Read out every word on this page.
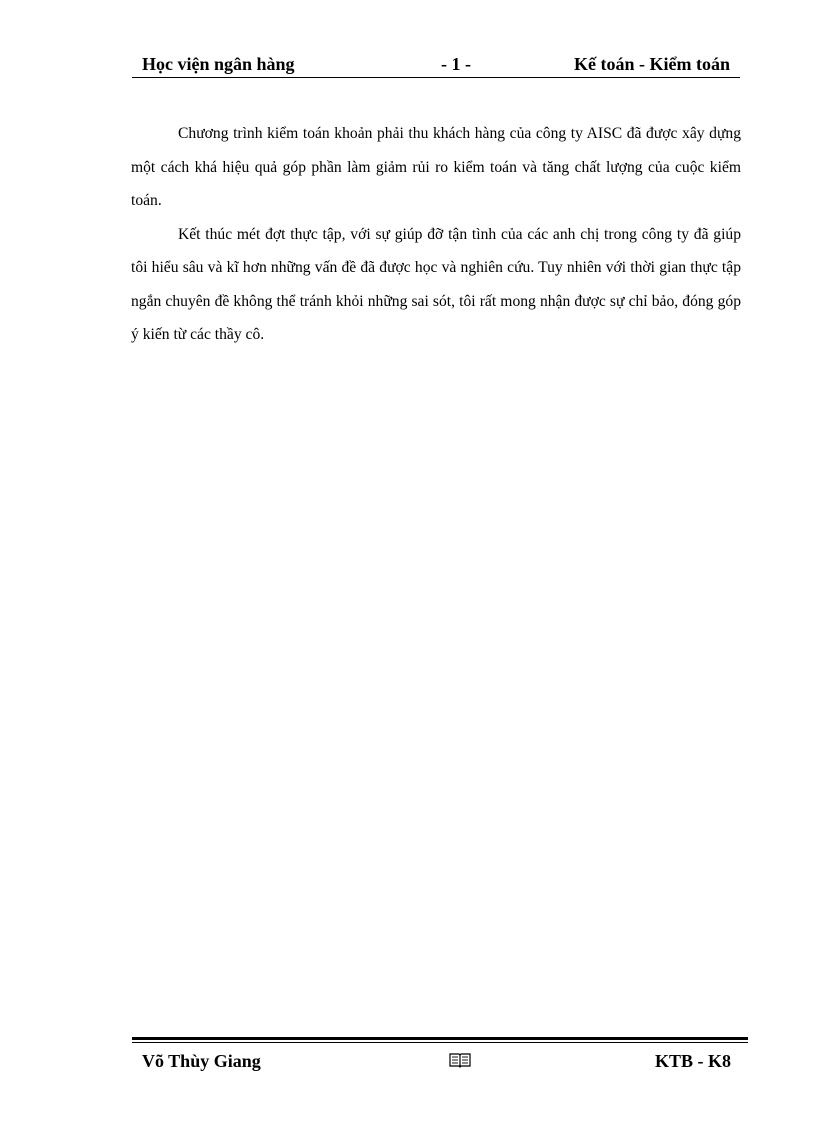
Học viện ngân hàng	- 1 -	Kế toán - Kiểm toán

Chương trình kiểm toán khoản phải thu khách hàng của công ty AISC đã được xây dựng một cách khá hiệu quả góp phần làm giảm rủi ro kiểm toán và tăng chất lượng của cuộc kiểm toán.

Kết thúc mét đợt thực tập, với sự giúp đỡ tận tình của các anh chị trong công ty đã giúp tôi hiểu sâu và kĩ hơn những vấn đề đã được học và nghiên cứu. Tuy nhiên với thời gian thực tập ngắn chuyên đề không thể tránh khỏi những sai sót, tôi rất mong nhận được sự chỉ bảo, đóng góp ý kiến từ các thầy cô.

Võ Thùy Giang	KTB - K8
